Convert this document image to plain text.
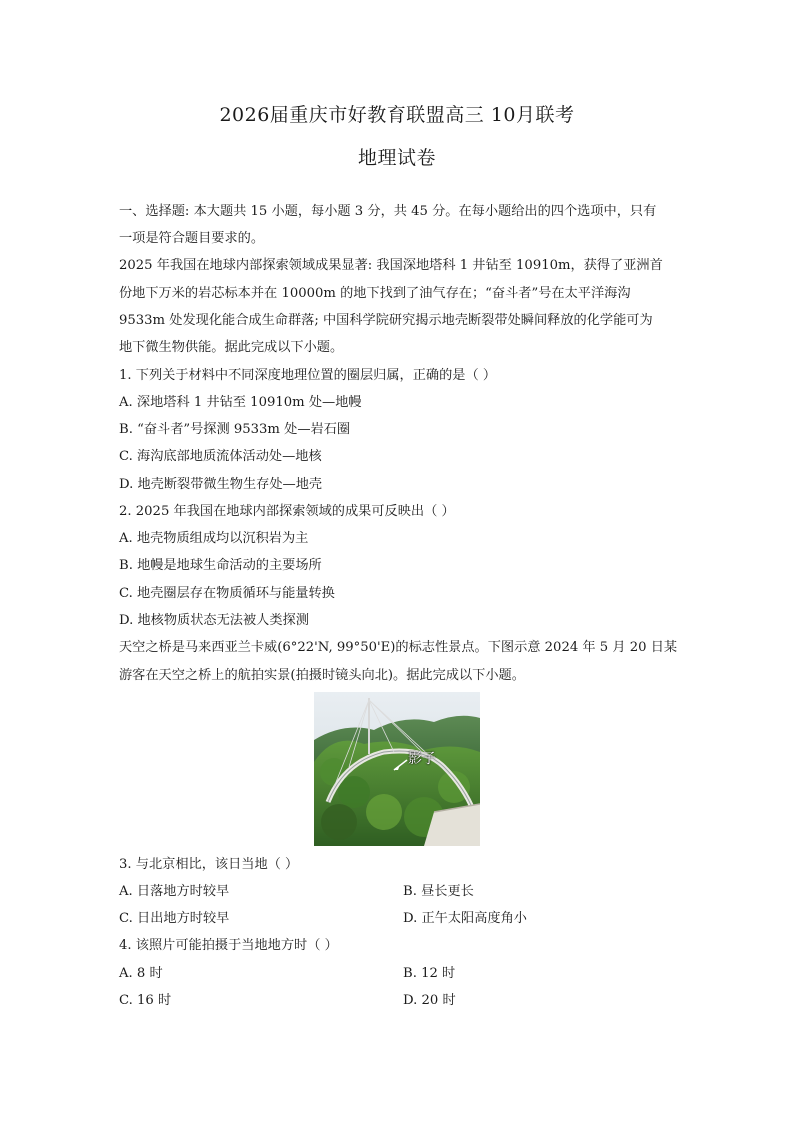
2026届重庆市好教育联盟高三 10月联考
地理试卷
一、选择题: 本大题共 15 小题，每小题 3 分，共 45 分。在每小题给出的四个选项中，只有
一项是符合题目要求的。
2025 年我国在地球内部探索领域成果显著: 我国深地塔科 1 井钻至 10910m，获得了亚洲首
份地下万米的岩芯标本并在 10000m 的地下找到了油气存在；“奋斗者”号在太平洋海沟
9533m 处发现化能合成生命群落; 中国科学院研究揭示地壳断裂带处瞬间释放的化学能可为
地下微生物供能。据此完成以下小题。
1. 下列关于材料中不同深度地理位置的圈层归属，正确的是（ ）
A. 深地塔科 1 井钻至 10910m 处—地幔
B. “奋斗者”号探测 9533m 处—岩石圈
C. 海沟底部地质流体活动处—地核
D. 地壳断裂带微生物生存处—地壳
2. 2025 年我国在地球内部探索领域的成果可反映出（ ）
A. 地壳物质组成均以沉积岩为主
B. 地幔是地球生命活动的主要场所
C. 地壳圈层存在物质循环与能量转换
D. 地核物质状态无法被人类探测
天空之桥是马来西亚兰卡威(6°22'N, 99°50'E)的标志性景点。下图示意 2024 年 5 月 20 日某
游客在天空之桥上的航拍实景(拍摄时镜头向北)。据此完成以下小题。
影子
3. 与北京相比，该日当地（ ）
A. 日落地方时较早	B. 昼长更长
C. 日出地方时较早	D. 正午太阳高度角小
4. 该照片可能拍摄于当地地方时（ ）
A. 8 时	B. 12 时
C. 16 时	D. 20 时
